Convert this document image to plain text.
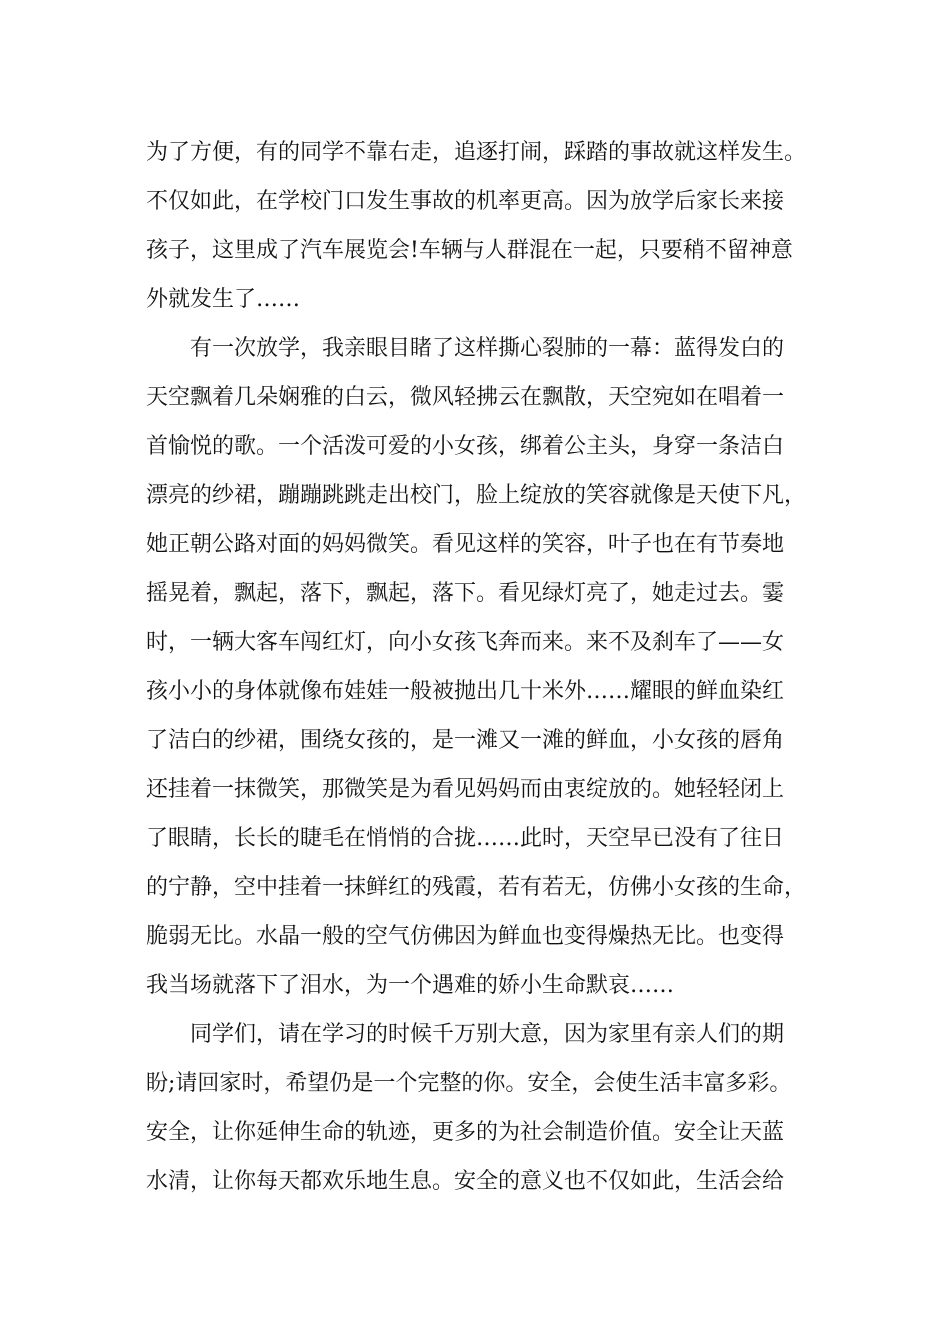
为了方便，有的同学不靠右走，追逐打闹，踩踏的事故就这样发生。
不仅如此，在学校门口发生事故的机率更高。因为放学后家长来接
孩子，这里成了汽车展览会!车辆与人群混在一起，只要稍不留神意
外就发生了……
有一次放学，我亲眼目睹了这样撕心裂肺的一幕：蓝得发白的
天空飘着几朵娴雅的白云，微风轻拂云在飘散，天空宛如在唱着一
首愉悦的歌。一个活泼可爱的小女孩，绑着公主头，身穿一条洁白
漂亮的纱裙，蹦蹦跳跳走出校门，脸上绽放的笑容就像是天使下凡，
她正朝公路对面的妈妈微笑。看见这样的笑容，叶子也在有节奏地
摇晃着，飘起，落下，飘起，落下。看见绿灯亮了，她走过去。霎
时，一辆大客车闯红灯，向小女孩飞奔而来。来不及刹车了——女
孩小小的身体就像布娃娃一般被抛出几十米外……耀眼的鲜血染红
了洁白的纱裙，围绕女孩的，是一滩又一滩的鲜血，小女孩的唇角
还挂着一抹微笑，那微笑是为看见妈妈而由衷绽放的。她轻轻闭上
了眼睛，长长的睫毛在悄悄的合拢……此时，天空早已没有了往日
的宁静，空中挂着一抹鲜红的残霞，若有若无，仿佛小女孩的生命，
脆弱无比。水晶一般的空气仿佛因为鲜血也变得燥热无比。也变得
我当场就落下了泪水，为一个遇难的娇小生命默哀……
同学们，请在学习的时候千万别大意，因为家里有亲人们的期
盼;请回家时，希望仍是一个完整的你。安全，会使生活丰富多彩。
安全，让你延伸生命的轨迹，更多的为社会制造价值。安全让天蓝
水清，让你每天都欢乐地生息。安全的意义也不仅如此，生活会给
